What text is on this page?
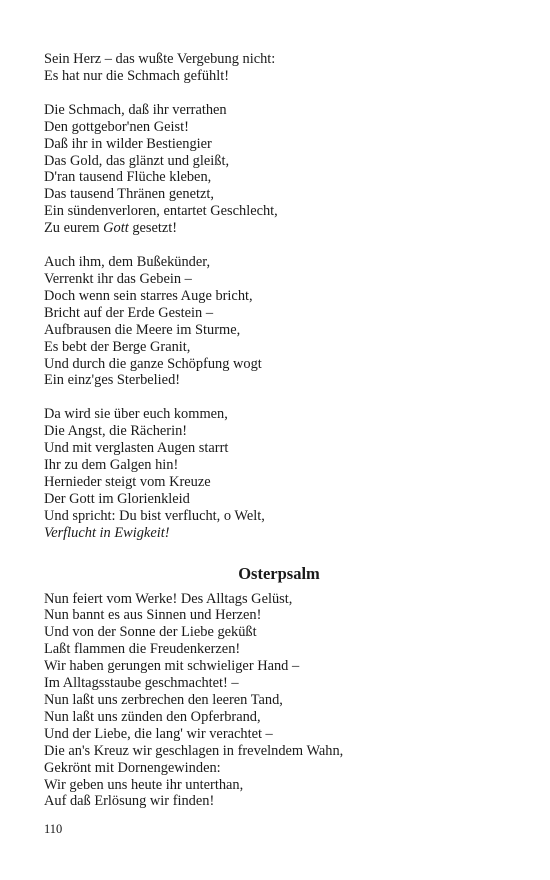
Sein Herz – das wußte Vergebung nicht:
Es hat nur die Schmach gefühlt!
Die Schmach, daß ihr verrathen
Den gottgebor'nen Geist!
Daß ihr in wilder Bestiengier
Das Gold, das glänzt und gleißt,
D'ran tausend Flüche kleben,
Das tausend Thränen genetzt,
Ein sündenverloren, entartet Geschlecht,
Zu eurem Gott gesetzt!
Auch ihm, dem Bußekünder,
Verrenkt ihr das Gebein –
Doch wenn sein starres Auge bricht,
Bricht auf der Erde Gestein –
Aufbrausen die Meere im Sturme,
Es bebt der Berge Granit,
Und durch die ganze Schöpfung wogt
Ein einz'ges Sterbelied!
Da wird sie über euch kommen,
Die Angst, die Rächerin!
Und mit verglasten Augen starrt
Ihr zu dem Galgen hin!
Hernieder steigt vom Kreuze
Der Gott im Glorienkleid
Und spricht: Du bist verflucht, o Welt,
Verflucht in Ewigkeit!
Osterpsalm
Nun feiert vom Werke! Des Alltags Gelüst,
Nun bannt es aus Sinnen und Herzen!
Und von der Sonne der Liebe geküßt
Laßt flammen die Freudenkerzen!
Wir haben gerungen mit schwieliger Hand –
Im Alltagsstaube geschmachtet! –
Nun laßt uns zerbrechen den leeren Tand,
Nun laßt uns zünden den Opferbrand,
Und der Liebe, die lang' wir verachtet –
Die an's Kreuz wir geschlagen in frevelndem Wahn,
Gekrönt mit Dornengewinden:
Wir geben uns heute ihr unterthan,
Auf daß Erlösung wir finden!
110
